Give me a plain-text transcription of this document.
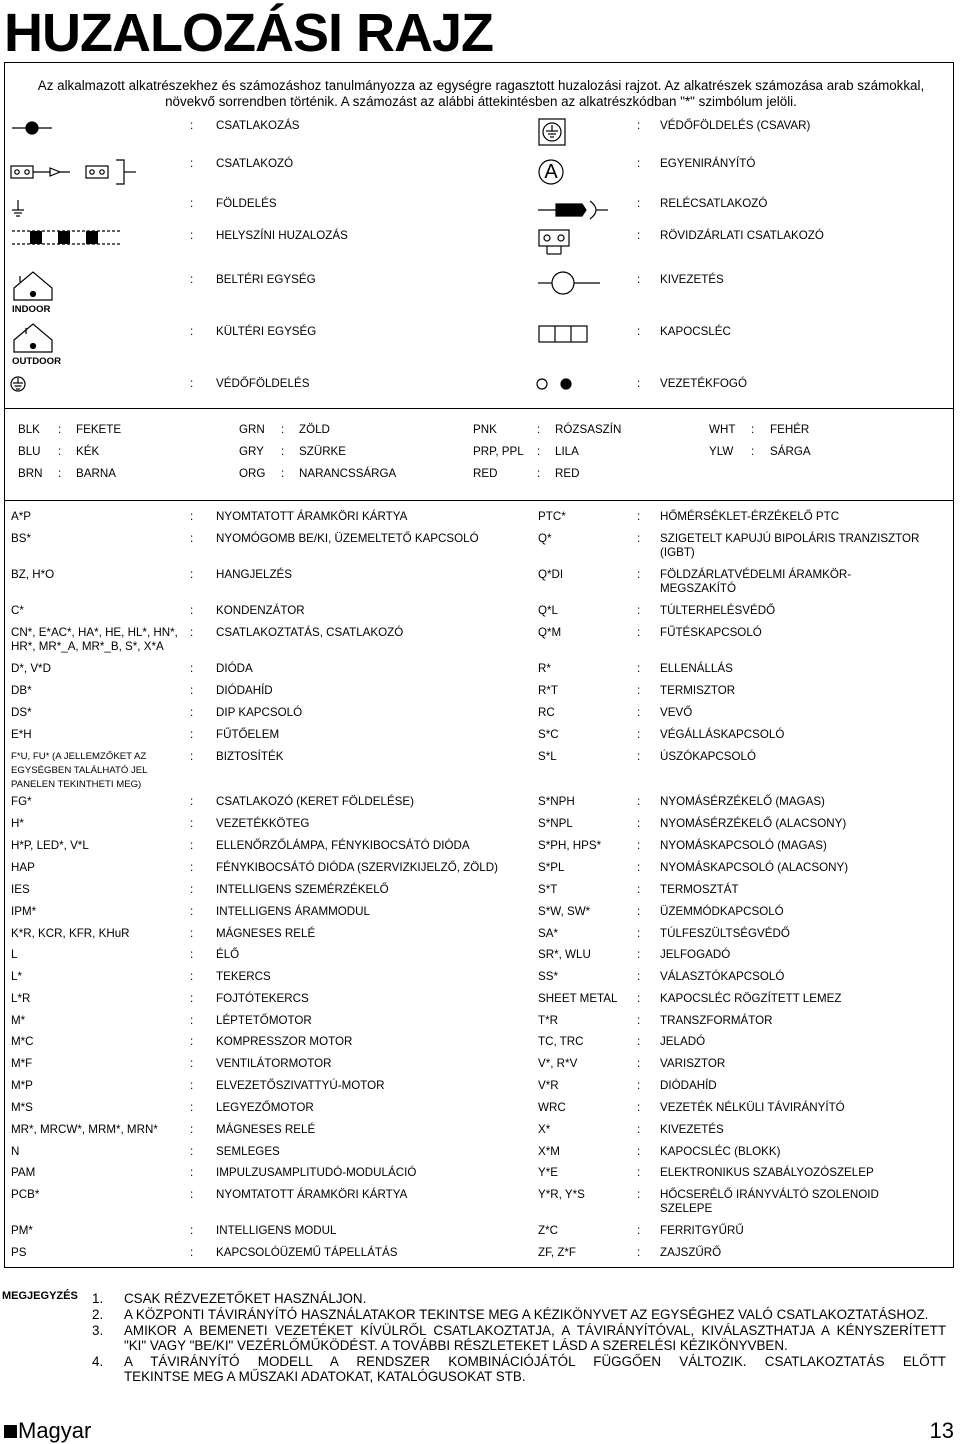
HUZALOZÁSI RAJZ
Az alkalmazott alkatrészekhez és számozáshoz tanulmányozza az egységre ragasztott huzalozási rajzot. Az alkatrészek számozása arab számokkal, növekvő sorrendben történik. A számozást az alábbi áttekintésben az alkatrészkódban "*" szimbólum jelöli.
A
INDOOR
OUTDOOR
: CSATLAKOZÁS	: VÉDŐFÖLDELÉS (CSAVAR)
: CSATLAKOZÓ	: EGYENIRÁNYÍTÓ
: FÖLDELÉS	: RELÉCSATLAKOZÓ
: HELYSZÍNI HUZALOZÁS	: RÖVIDZÁRLATI CSATLAKOZÓ
: BELTÉRI EGYSÉG	: KIVEZETÉS
: KÜLTÉRI EGYSÉG	: KAPOCSLÉC
: VÉDŐFÖLDELÉS	: VEZETÉKFOGÓ
BLK : FEKETE	GRN : ZÖLD	PNK	: RÓZSASZÍN	WHT : FEHÉR
BLU : KÉK	GRY : SZÜRKE	PRP, PPL : LILA	YLW : SÁRGA
BRN : BARNA	ORG : NARANCSSÁRGA	RED	: RED
A*P	: NYOMTATOTT ÁRAMKÖRI KÁRTYA
BS*	: NYOMÓGOMB BE/KI, ÜZEMELTETŐ KAPCSOLÓ
BZ, H*O	: HANGJELZÉS
C*	: KONDENZÁTOR
CN*, E*AC*, HA*, HE, HL*, HN*, HR*, MR*_A, MR*_B, S*, X*A
: CSATLAKOZTATÁS, CSATLAKOZÓ
D*, V*D	: DIÓDA
DB*	: DIÓDAHÍD
DS*	: DIP KAPCSOLÓ
E*H	: FŰTŐELEM
F*U, FU* (A JELLEMZŐKET AZ EGYSÉGBEN TALÁLHATÓ JEL PANELEN TEKINTHETI MEG)
: BIZTOSÍTÉK
FG*	: CSATLAKOZÓ (KERET FÖLDELÉSE)
H*	: VEZETÉKKÖTEG
H*P, LED*, V*L	: ELLENŐRZŐLÁMPA, FÉNYKIBOCSÁTÓ DIÓDA
HAP	: FÉNYKIBOCSÁTÓ DIÓDA (SZERVIZKIJELZŐ, ZÖLD)
IES	: INTELLIGENS SZEMÉRZÉKELŐ
IPM*	: INTELLIGENS ÁRAMMODUL
K*R, KCR, KFR, KHuR	: MÁGNESES RELÉ
L	: ÉLŐ
L*	: TEKERCS
L*R	: FOJTÓTEKERCS
M*	: LÉPTETŐMOTOR
M*C	: KOMPRESSZOR MOTOR
M*F	: VENTILÁTORMOTOR
M*P	: ELVEZETŐSZIVATTYÚ-MOTOR
M*S	: LEGYEZŐMOTOR
MR*, MRCW*, MRM*, MRN*	: MÁGNESES RELÉ
N	: SEMLEGES
PAM	: IMPULZUSAMPLITUDÓ-MODULÁCIÓ
PCB*	: NYOMTATOTT ÁRAMKÖRI KÁRTYA
PM*	: INTELLIGENS MODUL
PS	: KAPCSOLÓÜZEMŰ TÁPELLÁTÁS
PTC*	: HŐMÉRSÉKLET-ÉRZÉKELŐ PTC
Q*	: SZIGETELT KAPUJÚ BIPOLÁRIS TRANZISZTOR (IGBT)
Q*DI	: FÖLDZÁRLATVÉDELMI ÁRAMKÖR-MEGSZAKÍTÓ
Q*L	: TÚLTERHELÉSVÉDŐ
Q*M	: FŰTÉSKAPCSOLÓ
R*	: ELLENÁLLÁS
R*T	: TERMISZTOR
RC	: VEVŐ
S*C	: VÉGÁLLÁSKAPCSOLÓ
S*L	: ÚSZÓKAPCSOLÓ
S*NPH	: NYOMÁSÉRZÉKELŐ (MAGAS)
S*NPL	: NYOMÁSÉRZÉKELŐ (ALACSONY)
S*PH, HPS*	: NYOMÁSKAPCSOLÓ (MAGAS)
S*PL	: NYOMÁSKAPCSOLÓ (ALACSONY)
S*T	: TERMOSZTÁT
S*W, SW*	: ÜZEMMÓDKAPCSOLÓ
SA*	: TÚLFESZÜLTSÉGVÉDŐ
SR*, WLU	: JELFOGADÓ
SS*	: VÁLASZTÓKAPCSOLÓ
SHEET METAL : KAPOCSLÉC RÖGZÍTETT LEMEZ
T*R	: TRANSZFORMÁTOR
TC, TRC	: JELADÓ
V*, R*V	: VARISZTOR
V*R	: DIÓDAHÍD
WRC	: VEZETÉK NÉLKÜLI TÁVIRÁNYÍTÓ
X*	: KIVEZETÉS
X*M	: KAPOCSLÉC (BLOKK)
Y*E	: ELEKTRONIKUS SZABÁLYOZÓSZELEP
Y*R, Y*S	: HŐCSERÉLŐ IRÁNYVÁLTÓ SZOLENOID SZELEPE
Z*C	: FERRITGYŰRŰ
ZF, Z*F	: ZAJSZŰRŐ
MEGJEGYZÉS 1. CSAK RÉZVEZETŐKET HASZNÁLJON.
2. A KÖZPONTI TÁVIRÁNYÍTÓ HASZNÁLATAKOR TEKINTSE MEG A KÉZIKÖNYVET AZ EGYSÉGHEZ VALÓ CSATLAKOZTATÁSHOZ.
3. AMIKOR A BEMENETI VEZETÉKET KÍVÜLRŐL CSATLAKOZTATJA, A TÁVIRÁNYÍTÓVAL, KIVÁLASZTHATJA A KÉNYSZERÍTETT
"KI" VAGY "BE/KI" VEZÉRLŐMŰKÖDÉST. A TOVÁBBI RÉSZLETEKET LÁSD A SZERELÉSI KÉZIKÖNYVBEN.
4. A TÁVIRÁNYÍTÓ MODELL A RENDSZER KOMBINÁCIÓJÁTÓL FÜGGŐEN VÁLTOZIK. CSATLAKOZTATÁS ELŐTT
TEKINTSE MEG A MŰSZAKI ADATOKAT, KATALÓGUSOKAT STB.
Magyar	13
